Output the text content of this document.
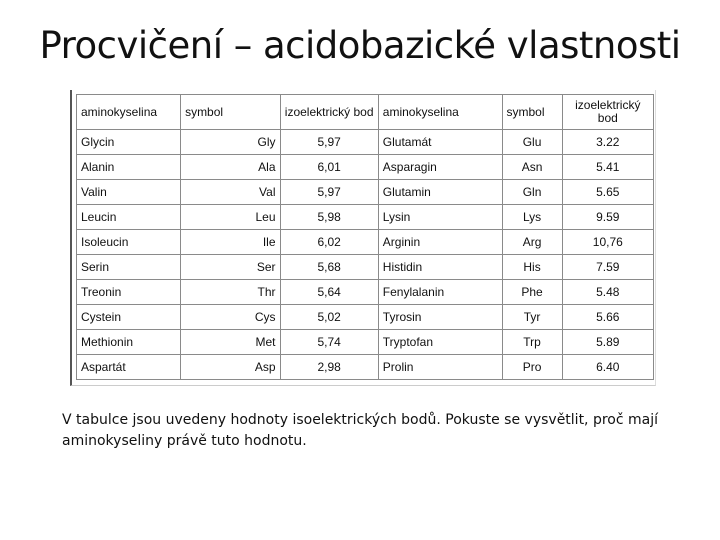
Procvičení – acidobazické vlastnosti
aminokyselina	symbol	izoelektrický bod	aminokyselina	symbol	izoelektrický bod
Glycin	Gly	5,97	Glutamát	Glu	3.22
Alanin	Ala	6,01	Asparagin	Asn	5.41
Valin	Val	5,97	Glutamin	Gln	5.65
Leucin	Leu	5,98	Lysin	Lys	9.59
Isoleucin	Ile	6,02	Arginin	Arg	10,76
Serin	Ser	5,68	Histidin	His	7.59
Treonin	Thr	5,64	Fenylalanin	Phe	5.48
Cystein	Cys	5,02	Tyrosin	Tyr	5.66
Methionin	Met	5,74	Tryptofan	Trp	5.89
Aspartát	Asp	2,98	Prolin	Pro	6.40
V tabulce jsou uvedeny hodnoty isoelektrických bodů. Pokuste se vysvětlit, proč mají aminokyseliny právě tuto hodnotu.
